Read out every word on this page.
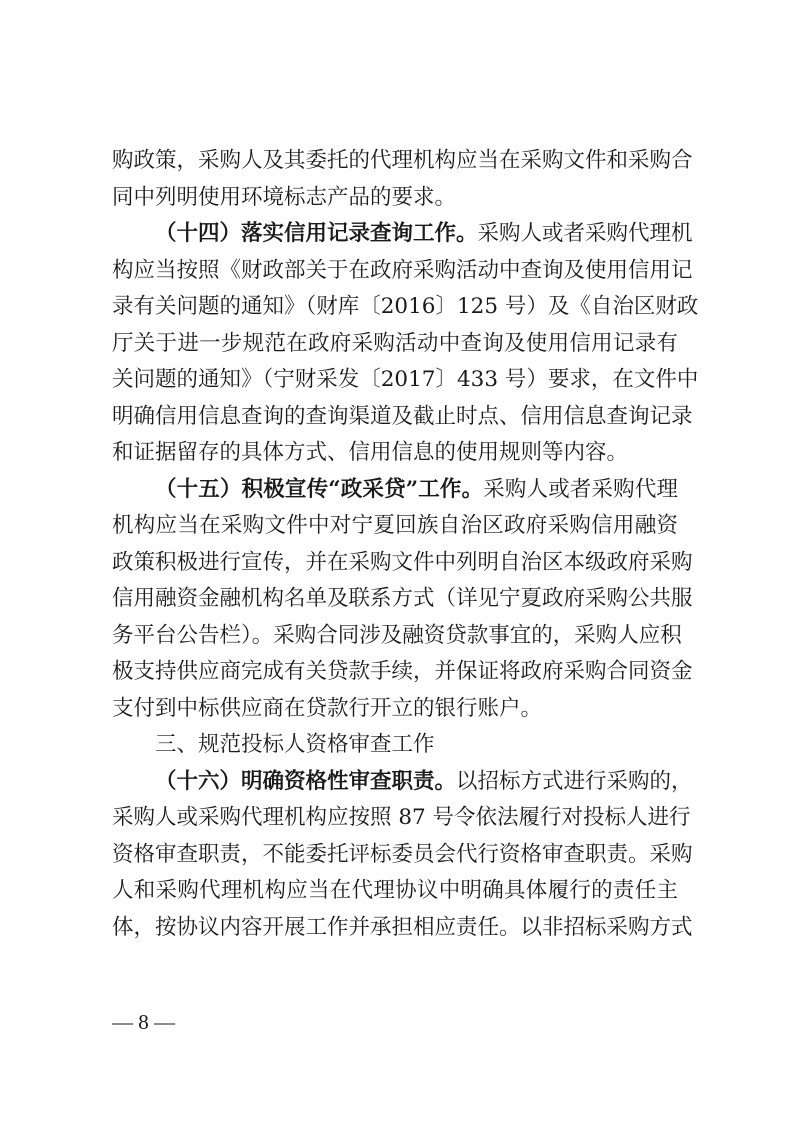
购政策，采购人及其委托的代理机构应当在采购文件和采购合
同中列明使用环境标志产品的要求。
（十四）落实信用记录查询工作。采购人或者采购代理机
构应当按照《财政部关于在政府采购活动中查询及使用信用记
录有关问题的通知》（财库〔2016〕125 号）及《自治区财政
厅关于进一步规范在政府采购活动中查询及使用信用记录有
关问题的通知》（宁财采发〔2017〕433 号）要求，在文件中
明确信用信息查询的查询渠道及截止时点、信用信息查询记录
和证据留存的具体方式、信用信息的使用规则等内容。
（十五）积极宣传“政采贷”工作。采购人或者采购代理
机构应当在采购文件中对宁夏回族自治区政府采购信用融资
政策积极进行宣传，并在采购文件中列明自治区本级政府采购
信用融资金融机构名单及联系方式（详见宁夏政府采购公共服
务平台公告栏）。采购合同涉及融资贷款事宜的，采购人应积
极支持供应商完成有关贷款手续，并保证将政府采购合同资金
支付到中标供应商在贷款行开立的银行账户。
三、规范投标人资格审查工作
（十六）明确资格性审查职责。以招标方式进行采购的，
采购人或采购代理机构应按照 87 号令依法履行对投标人进行
资格审查职责，不能委托评标委员会代行资格审查职责。采购
人和采购代理机构应当在代理协议中明确具体履行的责任主
体，按协议内容开展工作并承担相应责任。以非招标采购方式
— 8 —
